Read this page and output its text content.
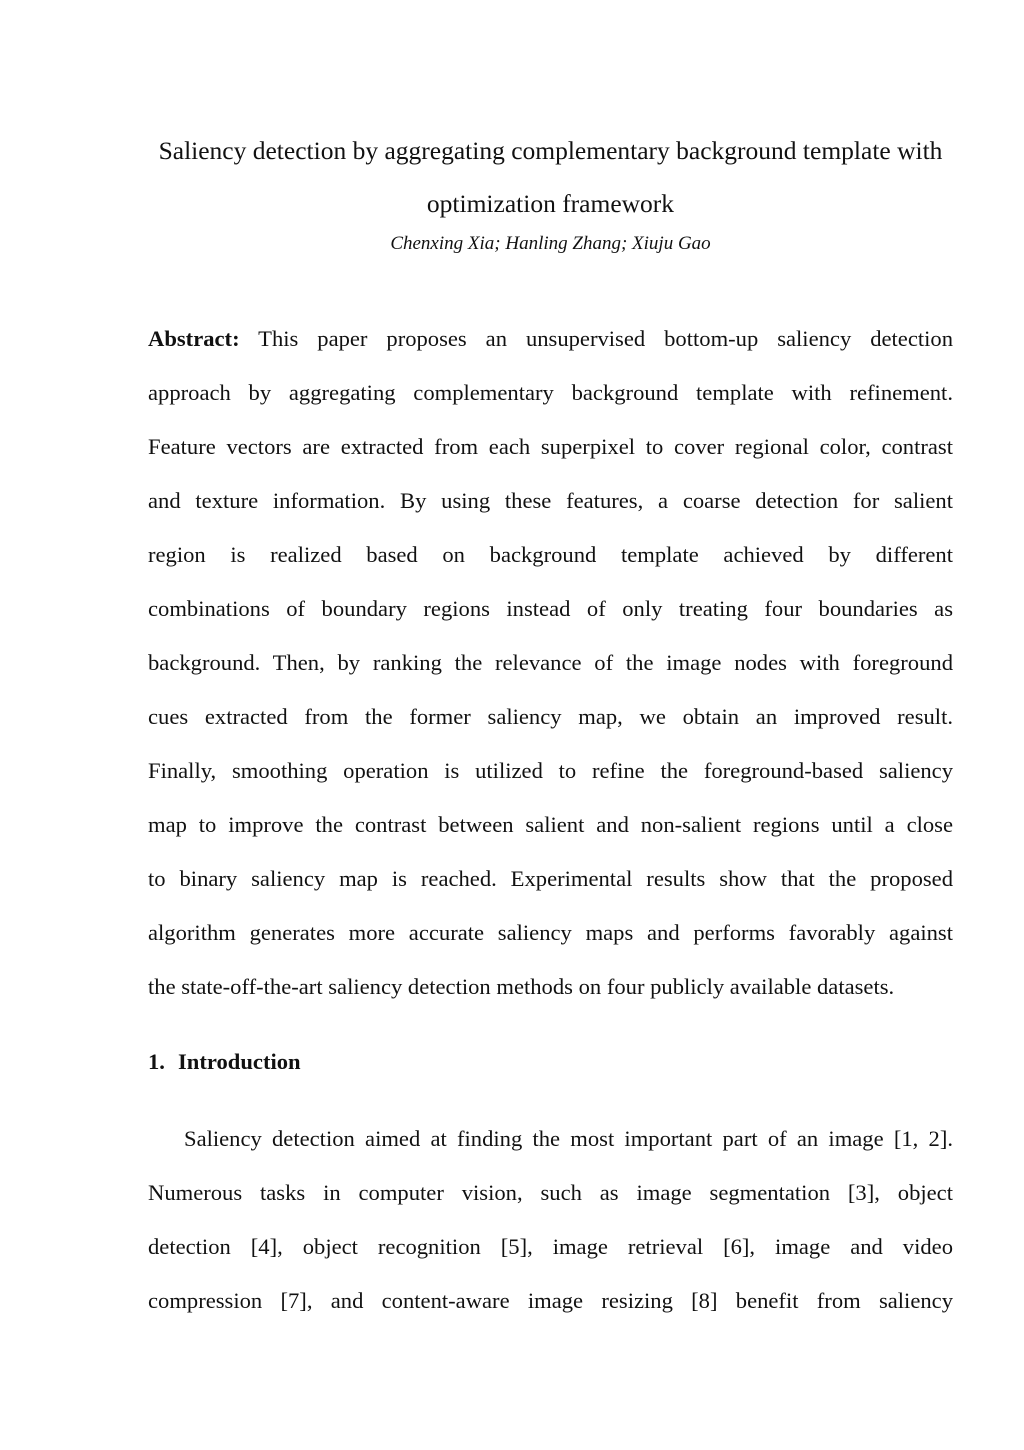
Saliency detection by aggregating complementary background template with
optimization framework

Chenxing Xia; Hanling Zhang; Xiuju Gao

Abstract: This paper proposes an unsupervised bottom-up saliency detection
approach by aggregating complementary background template with refinement.
Feature vectors are extracted from each superpixel to cover regional color, contrast
and texture information. By using these features, a coarse detection for salient
region is realized based on background template achieved by different
combinations of boundary regions instead of only treating four boundaries as
background. Then, by ranking the relevance of the image nodes with foreground
cues extracted from the former saliency map, we obtain an improved result.
Finally, smoothing operation is utilized to refine the foreground-based saliency
map to improve the contrast between salient and non-salient regions until a close
to binary saliency map is reached. Experimental results show that the proposed
algorithm generates more accurate saliency maps and performs favorably against
the state-off-the-art saliency detection methods on four publicly available datasets.
1. Introduction
Saliency detection aimed at finding the most important part of an image [1, 2].
Numerous tasks in computer vision, such as image segmentation [3], object
detection [4], object recognition [5], image retrieval [6], image and video
compression [7], and content-aware image resizing [8] benefit from saliency
